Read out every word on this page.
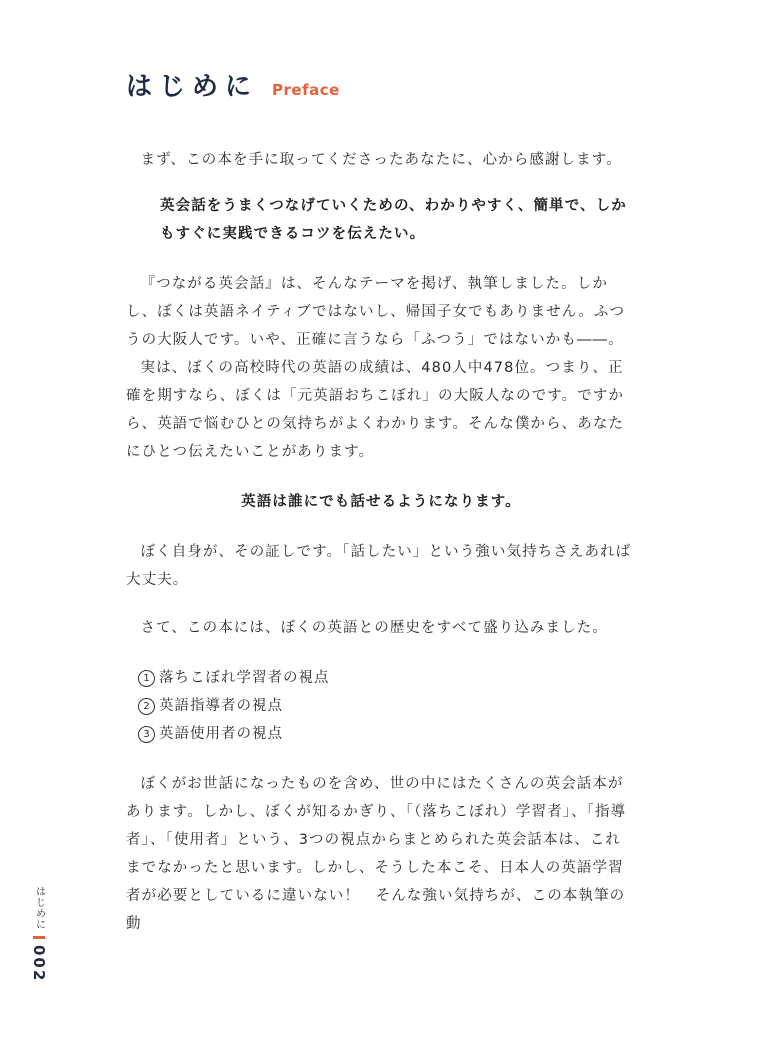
はじめに Preface

まず、この本を手に取ってくださったあなたに、心から感謝します。

英会話をうまくつなげていくための、わかりやすく、簡単で、しかもすぐに実践できるコツを伝えたい。

『つながる英会話』は、そんなテーマを掲げ、執筆しました。しかし、ぼくは英語ネイティブではないし、帰国子女でもありません。ふつうの大阪人です。いや、正確に言うなら「ふつう」ではないかも――。

実は、ぼくの高校時代の英語の成績は、480人中478位。つまり、正確を期すなら、ぼくは「元英語おちこぼれ」の大阪人なのです。ですから、英語で悩むひとの気持ちがよくわかります。そんな僕から、あなたにひとつ伝えたいことがあります。

英語は誰にでも話せるようになります。

ぼく自身が、その証しです。「話したい」という強い気持ちさえあれば大丈夫。

さて、この本には、ぼくの英語との歴史をすべて盛り込みました。

1 落ちこぼれ学習者の視点
2 英語指導者の視点
3 英語使用者の視点

ぼくがお世話になったものを含め、世の中にはたくさんの英会話本があります。しかし、ぼくが知るかぎり、「（落ちこぼれ）学習者」、「指導者」、「使用者」という、3つの視点からまとめられた英会話本は、これまでなかったと思います。しかし、そうした本こそ、日本人の英語学習者が必要としているに違いない！　そんな強い気持ちが、この本執筆の動

はじめに
002
